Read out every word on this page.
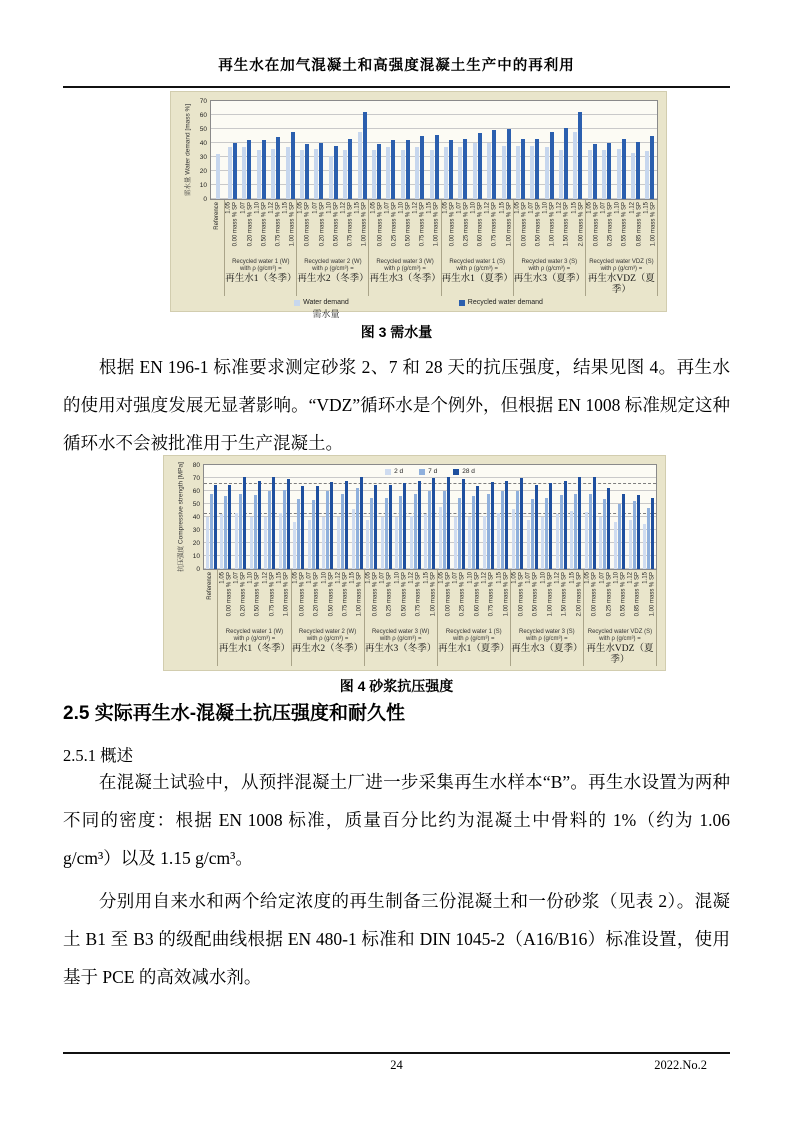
再生水在加气混凝土和高强度混凝土生产中的再利用
需水量 Water demand [mass %]
0
10
20
30
40
50
60
70
Reference 1.05 0.00 mass % SP 1.07 0.20 mass % SP 1.10 0.50 mass % SP 1.12 0.75 mass % SP 1.15 1.00 mass % SP 1.05 0.00 mass % SP 1.07 0.20 mass % SP 1.10 0.50 mass % SP 1.12 0.75 mass % SP 1.15 1.00 mass % SP 1.05 0.00 mass % SP 1.07 0.25 mass % SP 1.10 0.50 mass % SP 1.12 0.75 mass % SP 1.15 1.00 mass % SP 1.05 0.00 mass % SP 1.07 0.25 mass % SP 1.10 0.60 mass % SP 1.12 0.75 mass % SP 1.15 1.00 mass % SP 1.05 0.00 mass % SP 1.07 0.50 mass % SP 1.10 1.00 mass % SP 1.12 1.50 mass % SP 1.15 2.00 mass % SP 1.05 0.00 mass % SP 1.07 0.25 mass % SP 1.10 0.55 mass % SP 1.12 0.85 mass % SP 1.15 1.00 mass % SP
Recycled water 1 (W)
with ρ (g/cm³) =
再生水1（冬季）
Recycled water 2 (W)
with ρ (g/cm³) =
再生水2（冬季）
Recycled water 3 (W)
with ρ (g/cm³) =
再生水3（冬季）
Recycled water 1 (S)
with ρ (g/cm³) =
再生水1（夏季）
Recycled water 3 (S)
with ρ (g/cm³) =
再生水3（夏季）
Recycled water VDZ (S)
with ρ (g/cm³) =
再生水VDZ（夏季）
Water demand
需水量
Recycled water demand
图 3 需水量

根据 EN 196-1 标准要求测定砂浆 2、7 和 28 天的抗压强度，结果见图 4。再生水的使用对强度发展无显著影响。“VDZ”循环水是个例外，但根据 EN 1008 标准规定这种循环水不会被批准用于生产混凝土。

抗压强度 Compressive strength [MPa] 0
10
20
30
40
50
60
70
80
2 d	7 d	28 d
Reference 1.05 0.00 mass % SP 1.07 0.20 mass % SP 1.10 0.50 mass % SP 1.12 0.75 mass % SP 1.15 1.00 mass % SP 1.05 0.00 mass % SP 1.07 0.20 mass % SP 1.10 0.50 mass % SP 1.12 0.75 mass % SP 1.15 1.00 mass % SP 1.05 0.00 mass % SP 1.07 0.25 mass % SP 1.10 0.50 mass % SP 1.12 0.75 mass % SP 1.15 1.00 mass % SP 1.05 0.00 mass % SP 1.07 0.25 mass % SP 1.10 0.60 mass % SP 1.12 0.75 mass % SP 1.15 1.00 mass % SP 1.05 0.00 mass % SP 1.07 0.50 mass % SP 1.10 1.00 mass % SP 1.12 1.50 mass % SP 1.15 2.00 mass % SP 1.05 0.00 mass % SP 1.07 0.25 mass % SP 1.10 0.55 mass % SP 1.12 0.85 mass % SP 1.15 1.00 mass % SP
Recycled water 1 (W)
with ρ (g/cm³) =
再生水1（冬季）
Recycled water 2 (W)
with ρ (g/cm³) =
再生水2（冬季）
Recycled water 3 (W)
with ρ (g/cm³) =
再生水3（冬季）
Recycled water 1 (S)
with ρ (g/cm³) =
再生水1（夏季）
Recycled water 3 (S)
with ρ (g/cm³) =
再生水3（夏季）
Recycled water VDZ (S)
with ρ (g/cm³) =
再生水VDZ（夏季）
图 4 砂浆抗压强度
2.5 实际再生水-混凝土抗压强度和耐久性
2.5.1 概述

在混凝土试验中，从预拌混凝土厂进一步采集再生水样本“B”。再生水设置为两种不同的密度：根据 EN 1008 标准，质量百分比约为混凝土中骨料的 1%（约为 1.06 g/cm³）以及 1.15 g/cm³。

分别用自来水和两个给定浓度的再生制备三份混凝土和一份砂浆（见表 2）。混凝土 B1 至 B3 的级配曲线根据 EN 480-1 标准和 DIN 1045-2（A16/B16）标准设置，使用基于 PCE 的高效减水剂。

24	2022.No.2
